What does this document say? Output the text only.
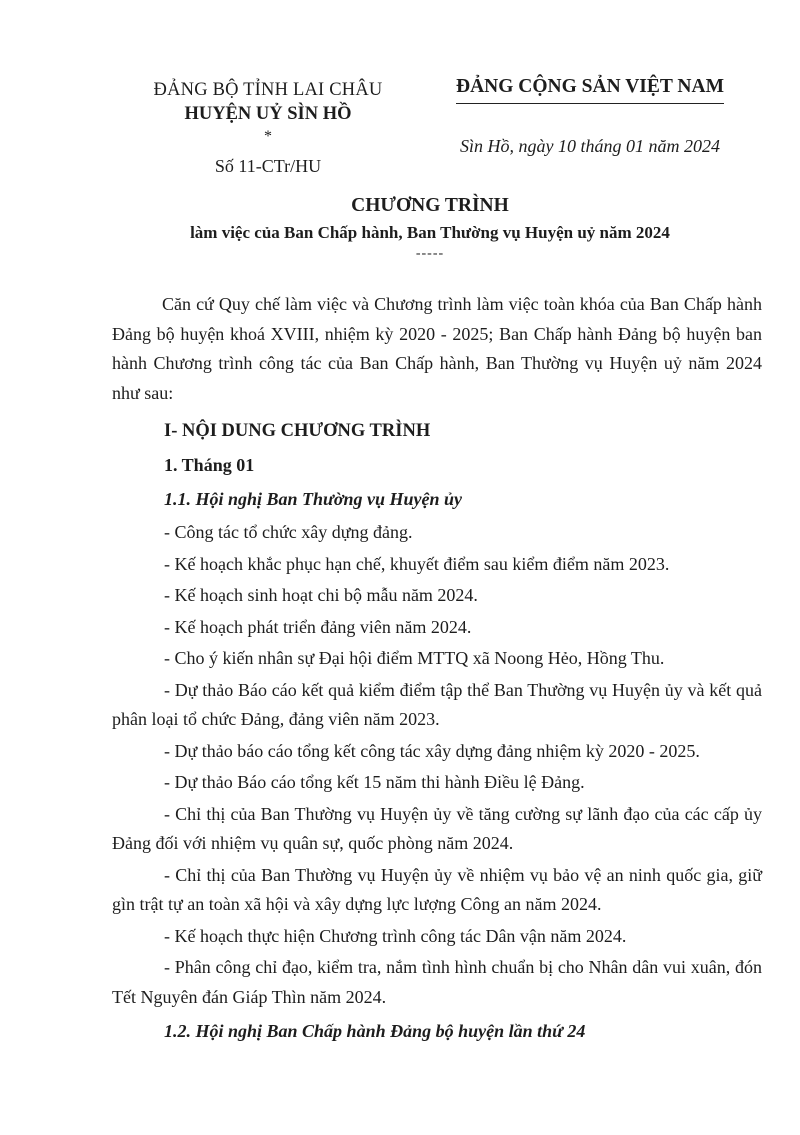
ĐẢNG BỘ TỈNH LAI CHÂU
HUYỆN UỶ SÌN HỒ
*
Số 11-CTr/HU
ĐẢNG CỘNG SẢN VIỆT NAM
Sìn Hồ, ngày 10 tháng 01 năm 2024
CHƯƠNG TRÌNH
làm việc của Ban Chấp hành, Ban Thường vụ Huyện uỷ năm 2024
-----

Căn cứ Quy chế làm việc và Chương trình làm việc toàn khóa của Ban Chấp hành Đảng bộ huyện khoá XVIII, nhiệm kỳ 2020 - 2025; Ban Chấp hành Đảng bộ huyện ban hành Chương trình công tác của Ban Chấp hành, Ban Thường vụ Huyện uỷ năm 2024 như sau:

I- NỘI DUNG CHƯƠNG TRÌNH
1. Tháng 01
1.1. Hội nghị Ban Thường vụ Huyện ủy

- Công tác tổ chức xây dựng đảng.

- Kế hoạch khắc phục hạn chế, khuyết điểm sau kiểm điểm năm 2023.

- Kế hoạch sinh hoạt chi bộ mẫu năm 2024.

- Kế hoạch phát triển đảng viên năm 2024.

- Cho ý kiến nhân sự Đại hội điểm MTTQ xã Noong Hẻo, Hồng Thu.

- Dự thảo Báo cáo kết quả kiểm điểm tập thể Ban Thường vụ Huyện ủy và kết quả phân loại tổ chức Đảng, đảng viên năm 2023.

- Dự thảo báo cáo tổng kết công tác xây dựng đảng nhiệm kỳ 2020 - 2025.

- Dự thảo Báo cáo tổng kết 15 năm thi hành Điều lệ Đảng.

- Chỉ thị của Ban Thường vụ Huyện ủy về tăng cường sự lãnh đạo của các cấp ủy Đảng đối với nhiệm vụ quân sự, quốc phòng năm 2024.

- Chỉ thị của Ban Thường vụ Huyện ủy về nhiệm vụ bảo vệ an ninh quốc gia, giữ gìn trật tự an toàn xã hội và xây dựng lực lượng Công an năm 2024.

- Kế hoạch thực hiện Chương trình công tác Dân vận năm 2024.

- Phân công chỉ đạo, kiểm tra, nắm tình hình chuẩn bị cho Nhân dân vui xuân, đón Tết Nguyên đán Giáp Thìn năm 2024.

1.2. Hội nghị Ban Chấp hành Đảng bộ huyện lần thứ 24
